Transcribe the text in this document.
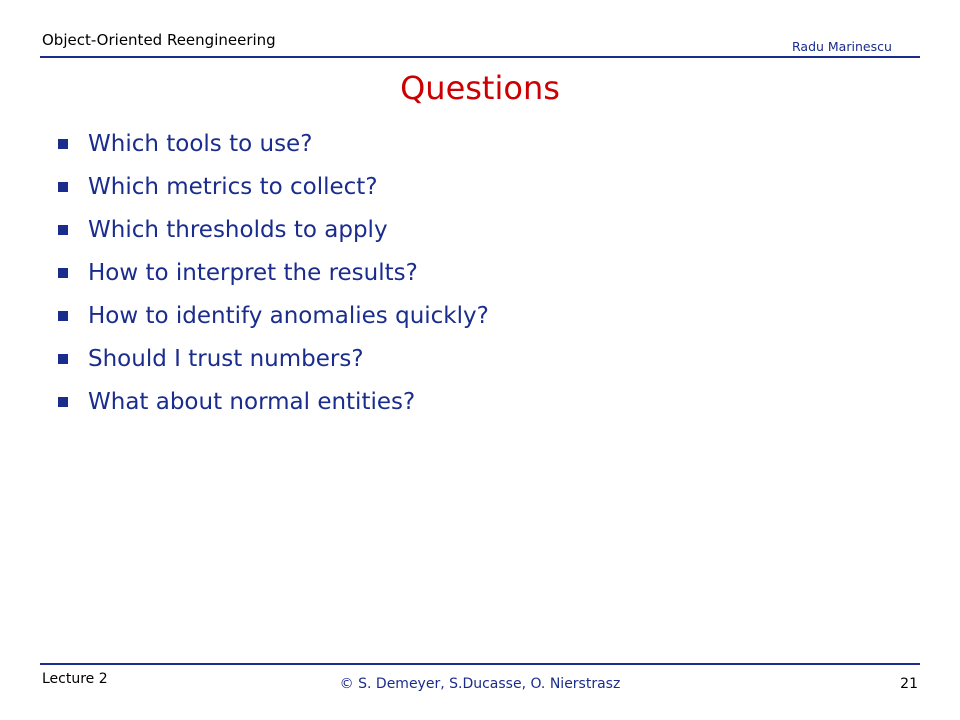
Object-Oriented Reengineering	Radu Marinescu
Questions
Which tools to use?
Which metrics to collect?
Which thresholds to apply
How to interpret the results?
How to identify anomalies quickly?
Should I trust numbers?
What about normal entities?
Lecture 2	© S. Demeyer, S.Ducasse, O. Nierstrasz	21
